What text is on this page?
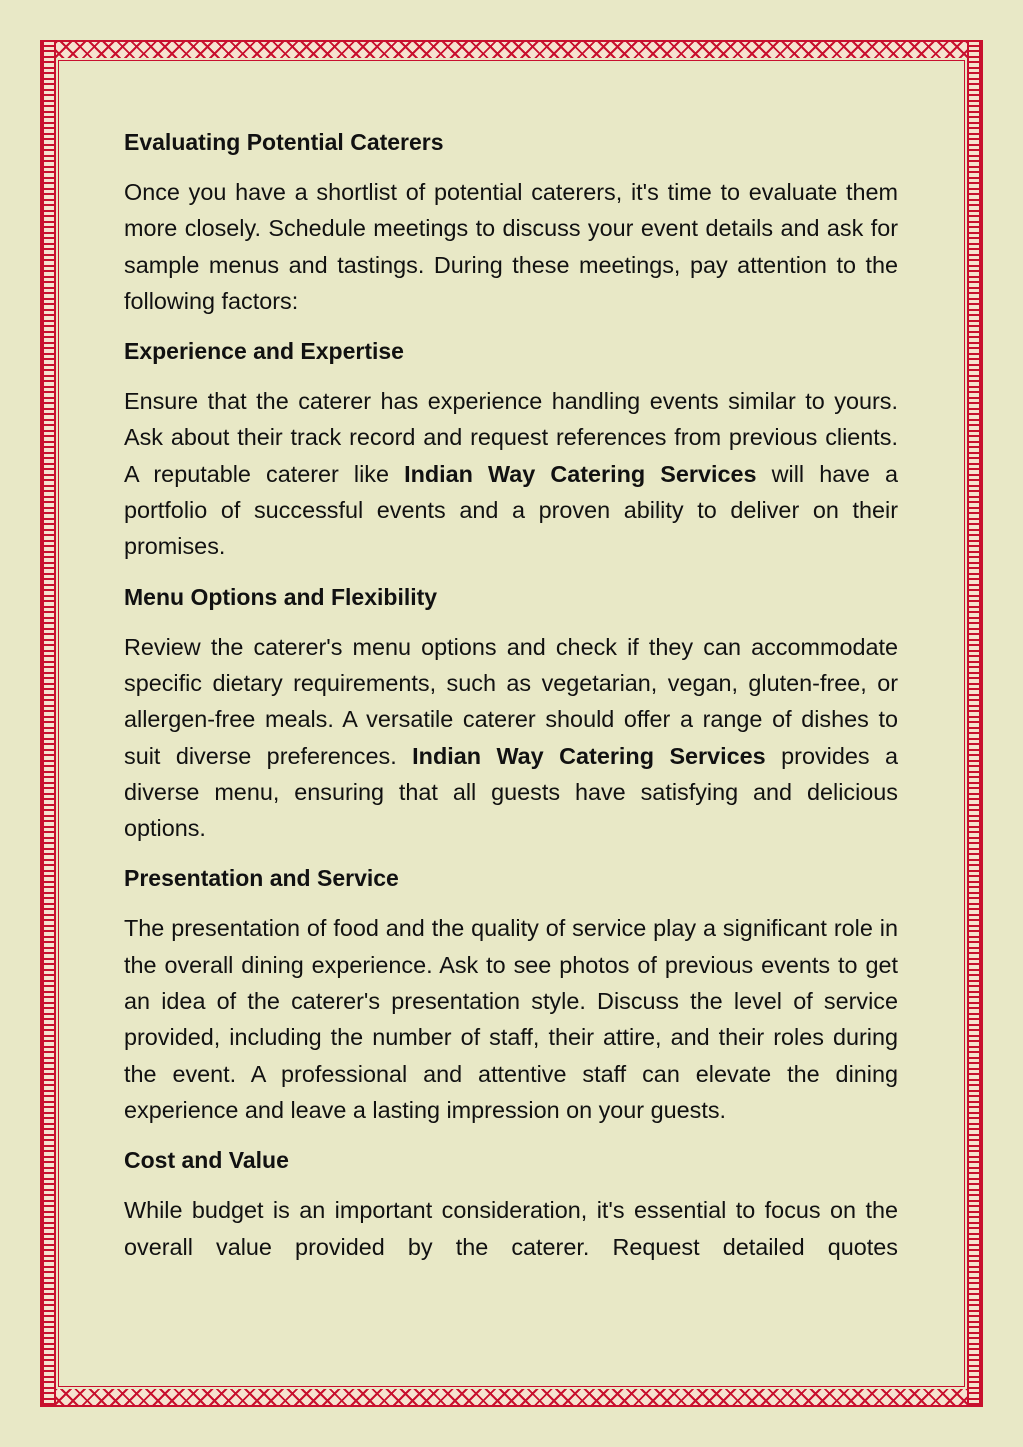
Evaluating Potential Caterers

Once you have a shortlist of potential caterers, it's time to evaluate them more closely. Schedule meetings to discuss your event details and ask for sample menus and tastings. During these meetings, pay attention to the following factors:

Experience and Expertise

Ensure that the caterer has experience handling events similar to yours. Ask about their track record and request references from previous clients. A reputable caterer like Indian Way Catering Services will have a portfolio of successful events and a proven ability to deliver on their promises.

Menu Options and Flexibility

Review the caterer's menu options and check if they can accommodate specific dietary requirements, such as vegetarian, vegan, gluten-free, or allergen-free meals. A versatile caterer should offer a range of dishes to suit diverse preferences. Indian Way Catering Services provides a diverse menu, ensuring that all guests have satisfying and delicious options.

Presentation and Service

The presentation of food and the quality of service play a significant role in the overall dining experience. Ask to see photos of previous events to get an idea of the caterer's presentation style. Discuss the level of service provided, including the number of staff, their attire, and their roles during the event. A professional and attentive staff can elevate the dining experience and leave a lasting impression on your guests.

Cost and Value

While budget is an important consideration, it's essential to focus on the overall value provided by the caterer. Request detailed quotes
